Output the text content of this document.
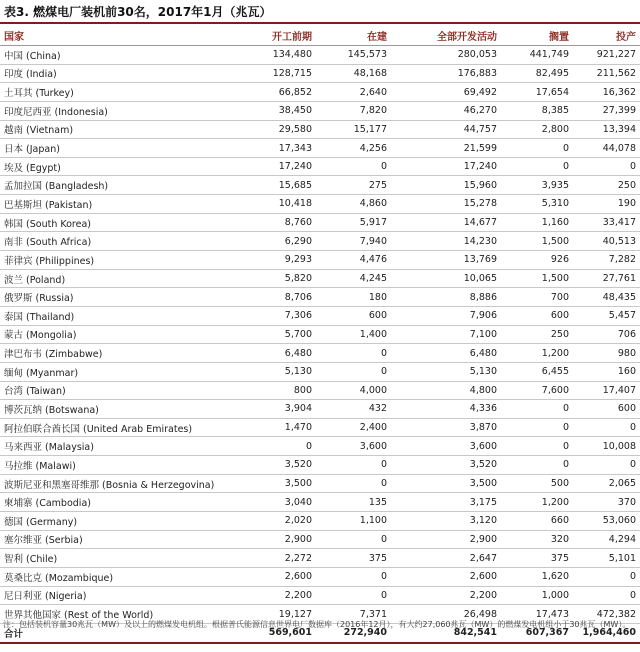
表3. 燃煤电厂装机前30名，2017年1月（兆瓦）
国家	开工前期	在建	全部开发活动	搁置	投产
中国 (China)	134,480	145,573	280,053	441,749	921,227
印度 (India)	128,715	48,168	176,883	82,495	211,562
土耳其 (Turkey)	66,852	2,640	69,492	17,654	16,362
印度尼西亚 (Indonesia)	38,450	7,820	46,270	8,385	27,399
越南 (Vietnam)	29,580	15,177	44,757	2,800	13,394
日本 (Japan)	17,343	4,256	21,599	0	44,078
埃及 (Egypt)	17,240	0	17,240	0	0
孟加拉国 (Bangladesh)	15,685	275	15,960	3,935	250
巴基斯坦 (Pakistan)	10,418	4,860	15,278	5,310	190
韩国 (South Korea)	8,760	5,917	14,677	1,160	33,417
南非 (South Africa)	6,290	7,940	14,230	1,500	40,513
菲律宾 (Philippines)	9,293	4,476	13,769	926	7,282
波兰 (Poland)	5,820	4,245	10,065	1,500	27,761
俄罗斯 (Russia)	8,706	180	8,886	700	48,435
泰国 (Thailand)	7,306	600	7,906	600	5,457
蒙古 (Mongolia)	5,700	1,400	7,100	250	706
津巴布韦 (Zimbabwe)	6,480	0	6,480	1,200	980
缅甸 (Myanmar)	5,130	0	5,130	6,455	160
台湾 (Taiwan)	800	4,000	4,800	7,600	17,407
博茨瓦纳 (Botswana)	3,904	432	4,336	0	600
阿拉伯联合酋长国 (United Arab Emirates)	1,470	2,400	3,870	0	0
马来西亚 (Malaysia)	0	3,600	3,600	0	10,008
马拉维 (Malawi)	3,520	0	3,520	0	0
波斯尼亚和黑塞哥维那 (Bosnia & Herzegovina)	3,500	0	3,500	500	2,065
柬埔寨 (Cambodia)	3,040	135	3,175	1,200	370
德国 (Germany)	2,020	1,100	3,120	660	53,060
塞尔维亚 (Serbia)	2,900	0	2,900	320	4,294
智利 (Chile)	2,272	375	2,647	375	5,101
莫桑比克 (Mozambique)	2,600	0	2,600	1,620	0
尼日利亚 (Nigeria)	2,200	0	2,200	1,000	0
世界其他国家 (Rest of the World)	19,127	7,371	26,498	17,473	472,382
合计	569,601	272,940	842,541	607,367	1,964,460
注：包括装机容量30兆瓦（MW）及以上的燃煤发电机组。根据普氏能源信息世界电厂数据库（2016年12月），有大约27,060兆瓦（MW）的燃煤发电机组小于30兆瓦（MW）。
